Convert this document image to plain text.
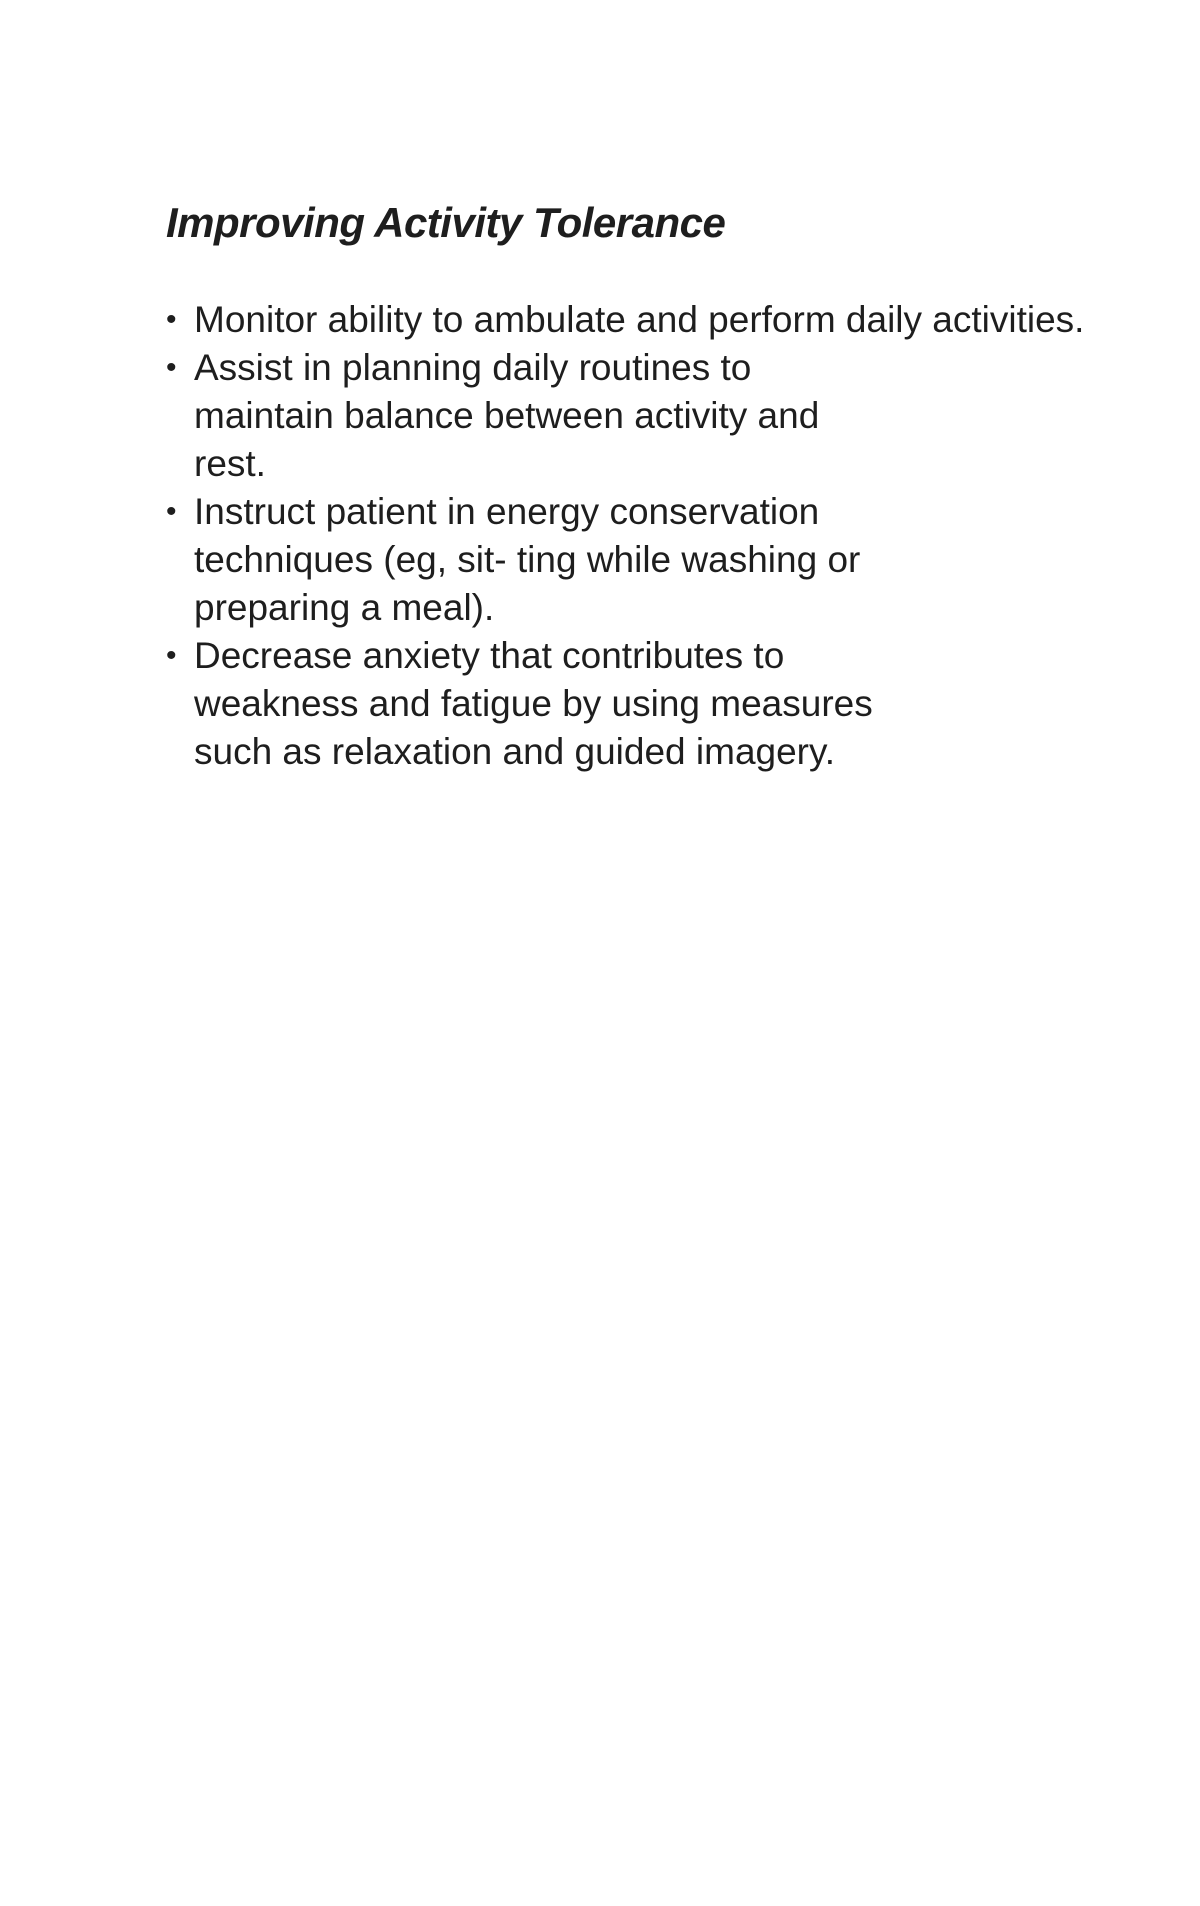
Improving Activity Tolerance
• Monitor ability to ambulate and perform daily activities.
• Assist in planning daily routines to maintain balance between activity and rest.
• Instruct patient in energy conservation techniques (eg, sit- ting while washing or preparing a meal).
• Decrease anxiety that contributes to weakness and fatigue by using measures such as relaxation and guided imagery.
